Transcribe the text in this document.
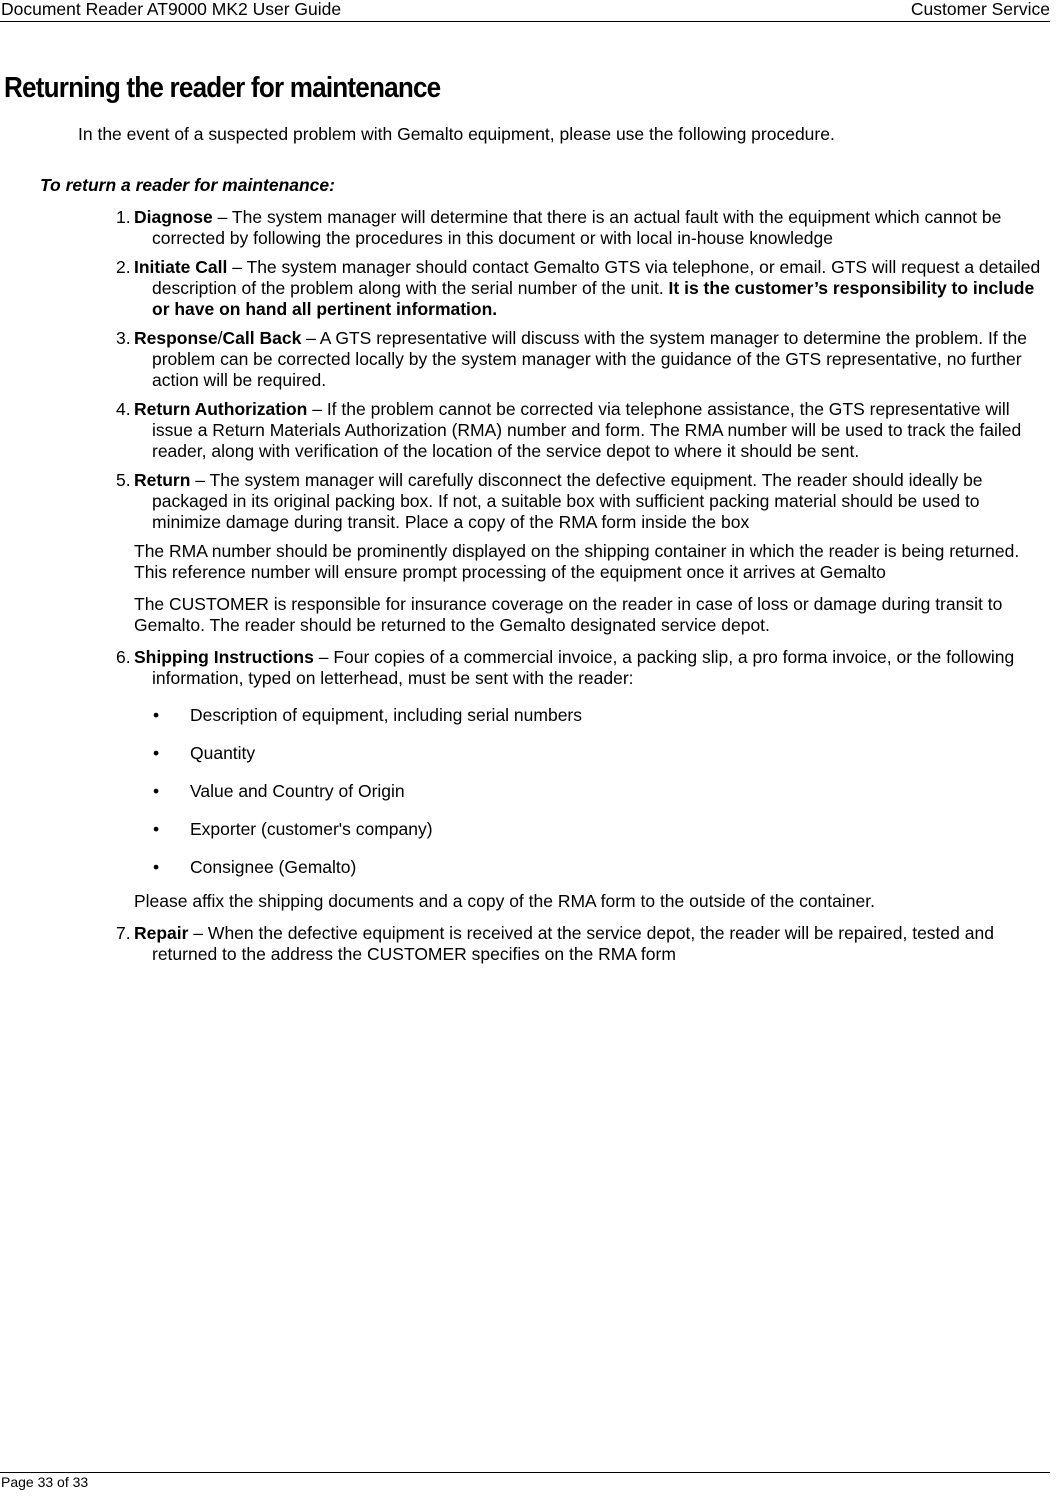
Document Reader AT9000 MK2 User Guide	Customer Service
Returning the reader for maintenance
In the event of a suspected problem with Gemalto equipment, please use the following procedure.
To return a reader for maintenance:
1. Diagnose – The system manager will determine that there is an actual fault with the equipment which cannot be corrected by following the procedures in this document or with local in-house knowledge
2. Initiate Call – The system manager should contact Gemalto GTS via telephone, or email. GTS will request a detailed description of the problem along with the serial number of the unit. It is the customer’s responsibility to include or have on hand all pertinent information.
3. Response/Call Back – A GTS representative will discuss with the system manager to determine the problem. If the problem can be corrected locally by the system manager with the guidance of the GTS representative, no further action will be required.
4. Return Authorization – If the problem cannot be corrected via telephone assistance, the GTS representative will issue a Return Materials Authorization (RMA) number and form. The RMA number will be used to track the failed reader, along with verification of the location of the service depot to where it should be sent.
5. Return – The system manager will carefully disconnect the defective equipment. The reader should ideally be packaged in its original packing box. If not, a suitable box with sufficient packing material should be used to minimize damage during transit. Place a copy of the RMA form inside the box
The RMA number should be prominently displayed on the shipping container in which the reader is being returned. This reference number will ensure prompt processing of the equipment once it arrives at Gemalto
The CUSTOMER is responsible for insurance coverage on the reader in case of loss or damage during transit to Gemalto. The reader should be returned to the Gemalto designated service depot.
6. Shipping Instructions – Four copies of a commercial invoice, a packing slip, a pro forma invoice, or the following information, typed on letterhead, must be sent with the reader:
• Description of equipment, including serial numbers
• Quantity
• Value and Country of Origin
• Exporter (customer's company)
• Consignee (Gemalto)
Please affix the shipping documents and a copy of the RMA form to the outside of the container.
7. Repair – When the defective equipment is received at the service depot, the reader will be repaired, tested and returned to the address the CUSTOMER specifies on the RMA form
Page 33 of 33
